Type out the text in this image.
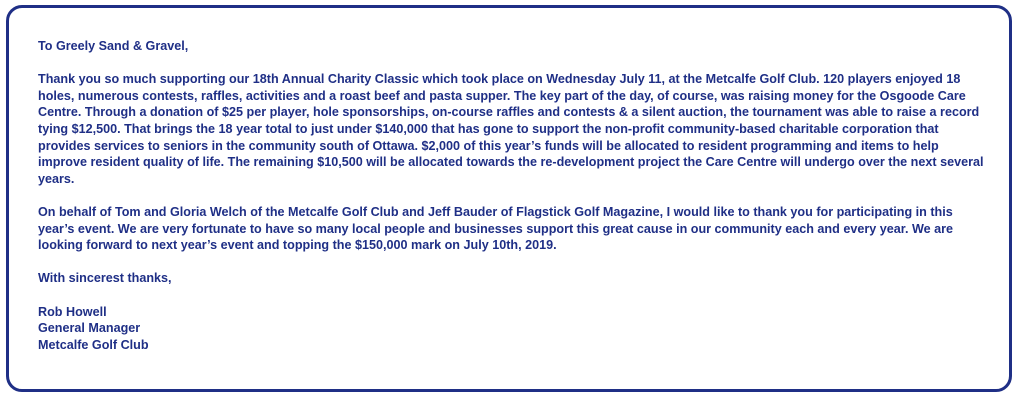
To Greely Sand & Gravel,

Thank you so much supporting our 18th Annual Charity Classic which took place on Wednesday July 11, at the Metcalfe Golf Club. 120 players enjoyed 18 holes, numerous contests, raffles, activities and a roast beef and pasta supper. The key part of the day, of course, was raising money for the Osgoode Care Centre. Through a donation of $25 per player, hole sponsorships, on-course raffles and contests & a silent auction, the tournament was able to raise a record tying $12,500. That brings the 18 year total to just under $140,000 that has gone to support the non-profit community-based charitable corporation that provides services to seniors in the community south of Ottawa. $2,000 of this year’s funds will be allocated to resident programming and items to help improve resident quality of life. The remaining $10,500 will be allocated towards the re-development project the Care Centre will undergo over the next several years.

On behalf of Tom and Gloria Welch of the Metcalfe Golf Club and Jeff Bauder of Flagstick Golf Magazine, I would like to thank you for participating in this year’s event. We are very fortunate to have so many local people and businesses support this great cause in our community each and every year. We are looking forward to next year’s event and topping the $150,000 mark on July 10th, 2019.

With sincerest thanks,

Rob Howell

General Manager

Metcalfe Golf Club
